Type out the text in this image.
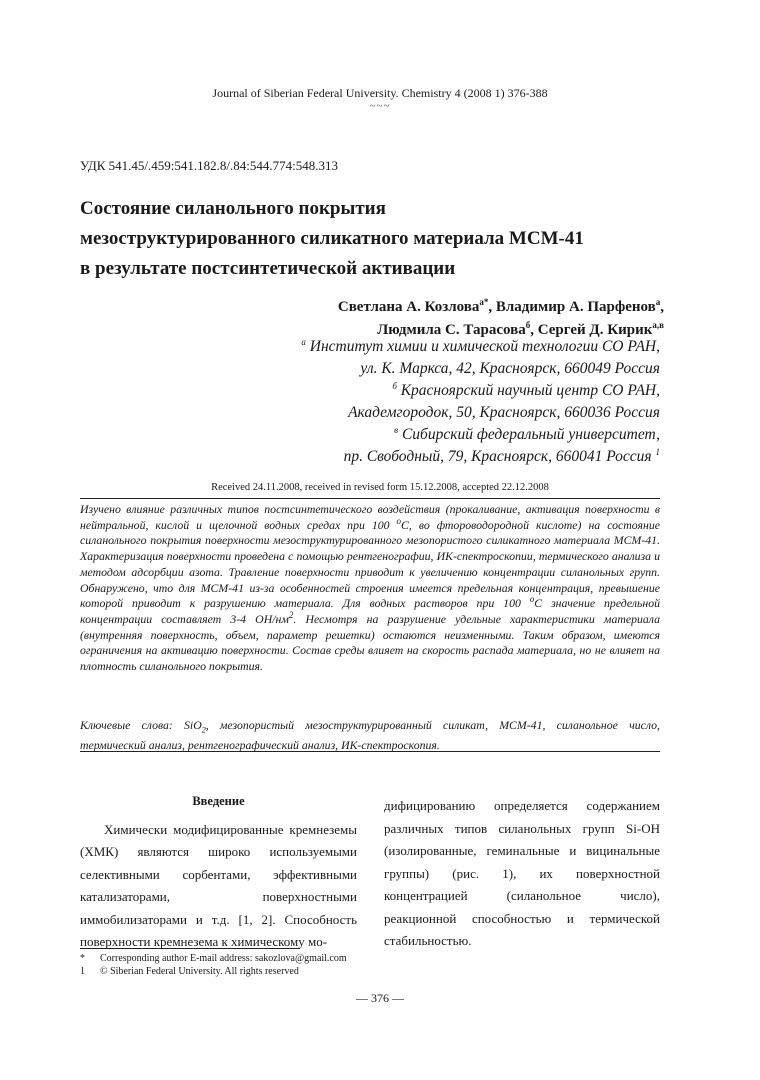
Journal of Siberian Federal University. Chemistry 4 (2008 1) 376-388
~~~
УДК 541.45/.459:541.182.8/.84:544.774:548.313
Состояние силанольного покрытия
мезоструктурированного силикатного материала МСМ-41
в результате постсинтетической активации
Светлана А. Козлова$^{а*}$, Владимир А. Парфенов$^а$,
Людмила С. Тарасова$^б$, Сергей Д. Кирик$^{а,в}$
$^а$ Институт химии и химической технологии СО РАН,
ул. К. Маркса, 42, Красноярск, 660049 Россия
$^б$ Красноярский научный центр СО РАН,
Академгородок, 50, Красноярск, 660036 Россия
$^в$ Сибирский федеральный университет,
пр. Свободный, 79, Красноярск, 660041 Россия $^1$
Received 24.11.2008, received in revised form 15.12.2008, accepted 22.12.2008

Изучено влияние различных типов постсинтетического воздействия (прокаливание, активация поверхности в нейтральной, кислой и щелочной водных средах при 100 $^o$С, во фтороводородной кислоте) на состояние силанольного покрытия поверхности мезоструктурированного мезопористого силикатного материала МСМ-41. Характеризация поверхности проведена с помощью рентгенографии, ИК-спектроскопии, термического анализа и методом адсорбции азота. Травление поверхности приводит к увеличению концентрации силанольных групп. Обнаружено, что для МСМ-41 из-за особенностей строения имеется предельная концентрация, превышение которой приводит к разрушению материала. Для водных растворов при 100 $^o$С значение предельной концентрации составляет 3-4 $ОН/нм^2$. Несмотря на разрушение удельные характеристики материала (внутренняя поверхность, объем, параметр решетки) остаются неизменными. Таким образом, имеются ограничения на активацию поверхности. Состав среды влияет на скорость распада материала, но не влияет на плотность силанольного покрытия.

Ключевые слова: SiO$_2$, мезопористый мезоструктурированный силикат, МСМ-41, силанольное число, термический анализ, рентгенографический анализ, ИК-спектроскопия.
Введение

Химически модифицированные кремнеземы (ХМК) являются широко используемыми селективными сорбентами, эффективными катализаторами, поверхностными иммобилизаторами и т.д. [1, 2]. Способность поверхности кремнезема к химическому мо-

дифицированию определяется содержанием различных типов силанольных групп Si-OH (изолированные, геминальные и вицинальные группы) (рис. 1), их поверхностной концентрацией (силанольное число), реакционной способностью и термической стабильностью.

*	Corresponding author E-mail address: sakozlova@gmail.com
1	© Siberian Federal University. All rights reserved
— 376 —
